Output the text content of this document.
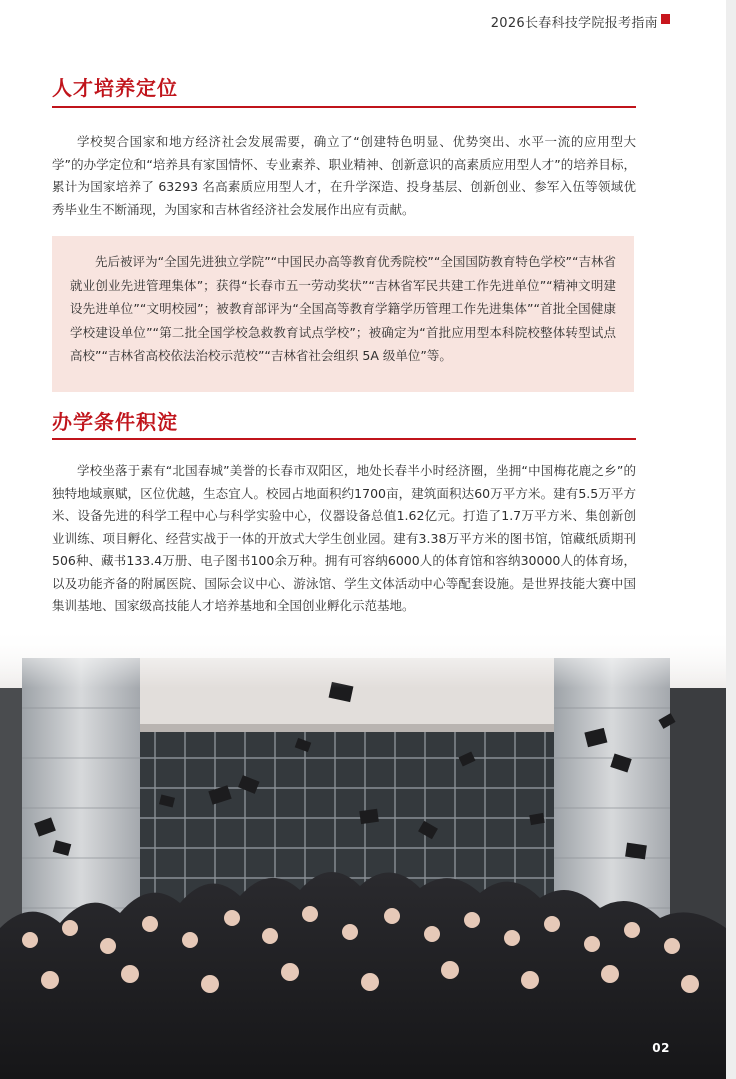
2026长春科技学院报考指南
人才培养定位

学校契合国家和地方经济社会发展需要，确立了“创建特色明显、优势突出、水平一流的应用型大学”的办学定位和“培养具有家国情怀、专业素养、职业精神、创新意识的高素质应用型人才”的培养目标，累计为国家培养了 63293 名高素质应用型人才，在升学深造、投身基层、创新创业、参军入伍等领域优秀毕业生不断涌现，为国家和吉林省经济社会发展作出应有贡献。

先后被评为“全国先进独立学院”“中国民办高等教育优秀院校”“全国国防教育特色学校”“吉林省就业创业先进管理集体”；获得“长春市五一劳动奖状”“吉林省军民共建工作先进单位”“精神文明建设先进单位”“文明校园”；被教育部评为“全国高等教育学籍学历管理工作先进集体”“首批全国健康学校建设单位”“第二批全国学校急救教育试点学校”；被确定为“首批应用型本科院校整体转型试点高校”“吉林省高校依法治校示范校”“吉林省社会组织 5A 级单位”等。

办学条件积淀

学校坐落于素有“北国春城”美誉的长春市双阳区，地处长春半小时经济圈，坐拥“中国梅花鹿之乡”的独特地域禀赋，区位优越，生态宜人。校园占地面积约1700亩，建筑面积达60万平方米。建有5.5万平方米、设备先进的科学工程中心与科学实验中心，仪器设备总值1.62亿元。打造了1.7万平方米、集创新创业训练、项目孵化、经营实战于一体的开放式大学生创业园。建有3.38万平方米的图书馆，馆藏纸质期刊506种、藏书133.4万册、电子图书100余万种。拥有可容纳6000人的体育馆和容纳30000人的体育场，以及功能齐备的附属医院、国际会议中心、游泳馆、学生文体活动中心等配套设施。是世界技能大赛中国集训基地、国家级高技能人才培养基地和全国创业孵化示范基地。

02
